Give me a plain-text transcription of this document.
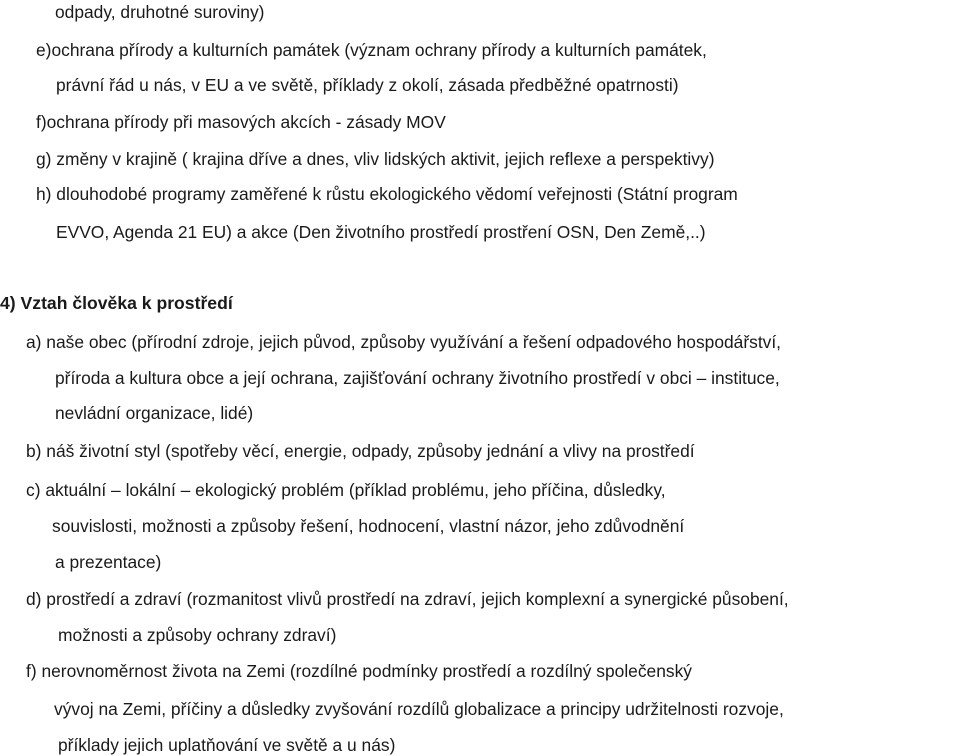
odpady, druhotné suroviny)
e)ochrana přírody a kulturních památek (význam ochrany přírody a kulturních památek,
právní řád u nás, v EU a ve světě, příklady z okolí, zásada předběžné opatrnosti)
f)ochrana přírody při masových akcích - zásady MOV
g) změny v krajině ( krajina dříve a dnes, vliv lidských aktivit, jejich reflexe a perspektivy)
h) dlouhodobé programy zaměřené k růstu ekologického vědomí veřejnosti (Státní program
EVVO, Agenda 21 EU) a akce (Den životního prostředí prostření OSN, Den Země,..)
4) Vztah člověka k prostředí
a) naše obec (přírodní zdroje, jejich původ, způsoby využívání a řešení odpadového hospodářství,
příroda a kultura obce a její ochrana, zajišťování ochrany životního prostředí v obci – instituce,
nevládní organizace, lidé)
b) náš životní styl (spotřeby věcí, energie, odpady, způsoby jednání a vlivy na prostředí
c) aktuální – lokální – ekologický problém (příklad problému, jeho příčina, důsledky,
souvislosti, možnosti a způsoby řešení, hodnocení, vlastní názor, jeho zdůvodnění
a prezentace)
d) prostředí a zdraví (rozmanitost vlivů prostředí na zdraví, jejich komplexní a synergické působení,
možnosti a způsoby ochrany zdraví)
f) nerovnoměrnost života na Zemi (rozdílné podmínky prostředí a rozdílný společenský
vývoj na Zemi, příčiny a důsledky zvyšování rozdílů globalizace a principy udržitelnosti rozvoje,
příklady jejich uplatňování ve světě a u nás)
